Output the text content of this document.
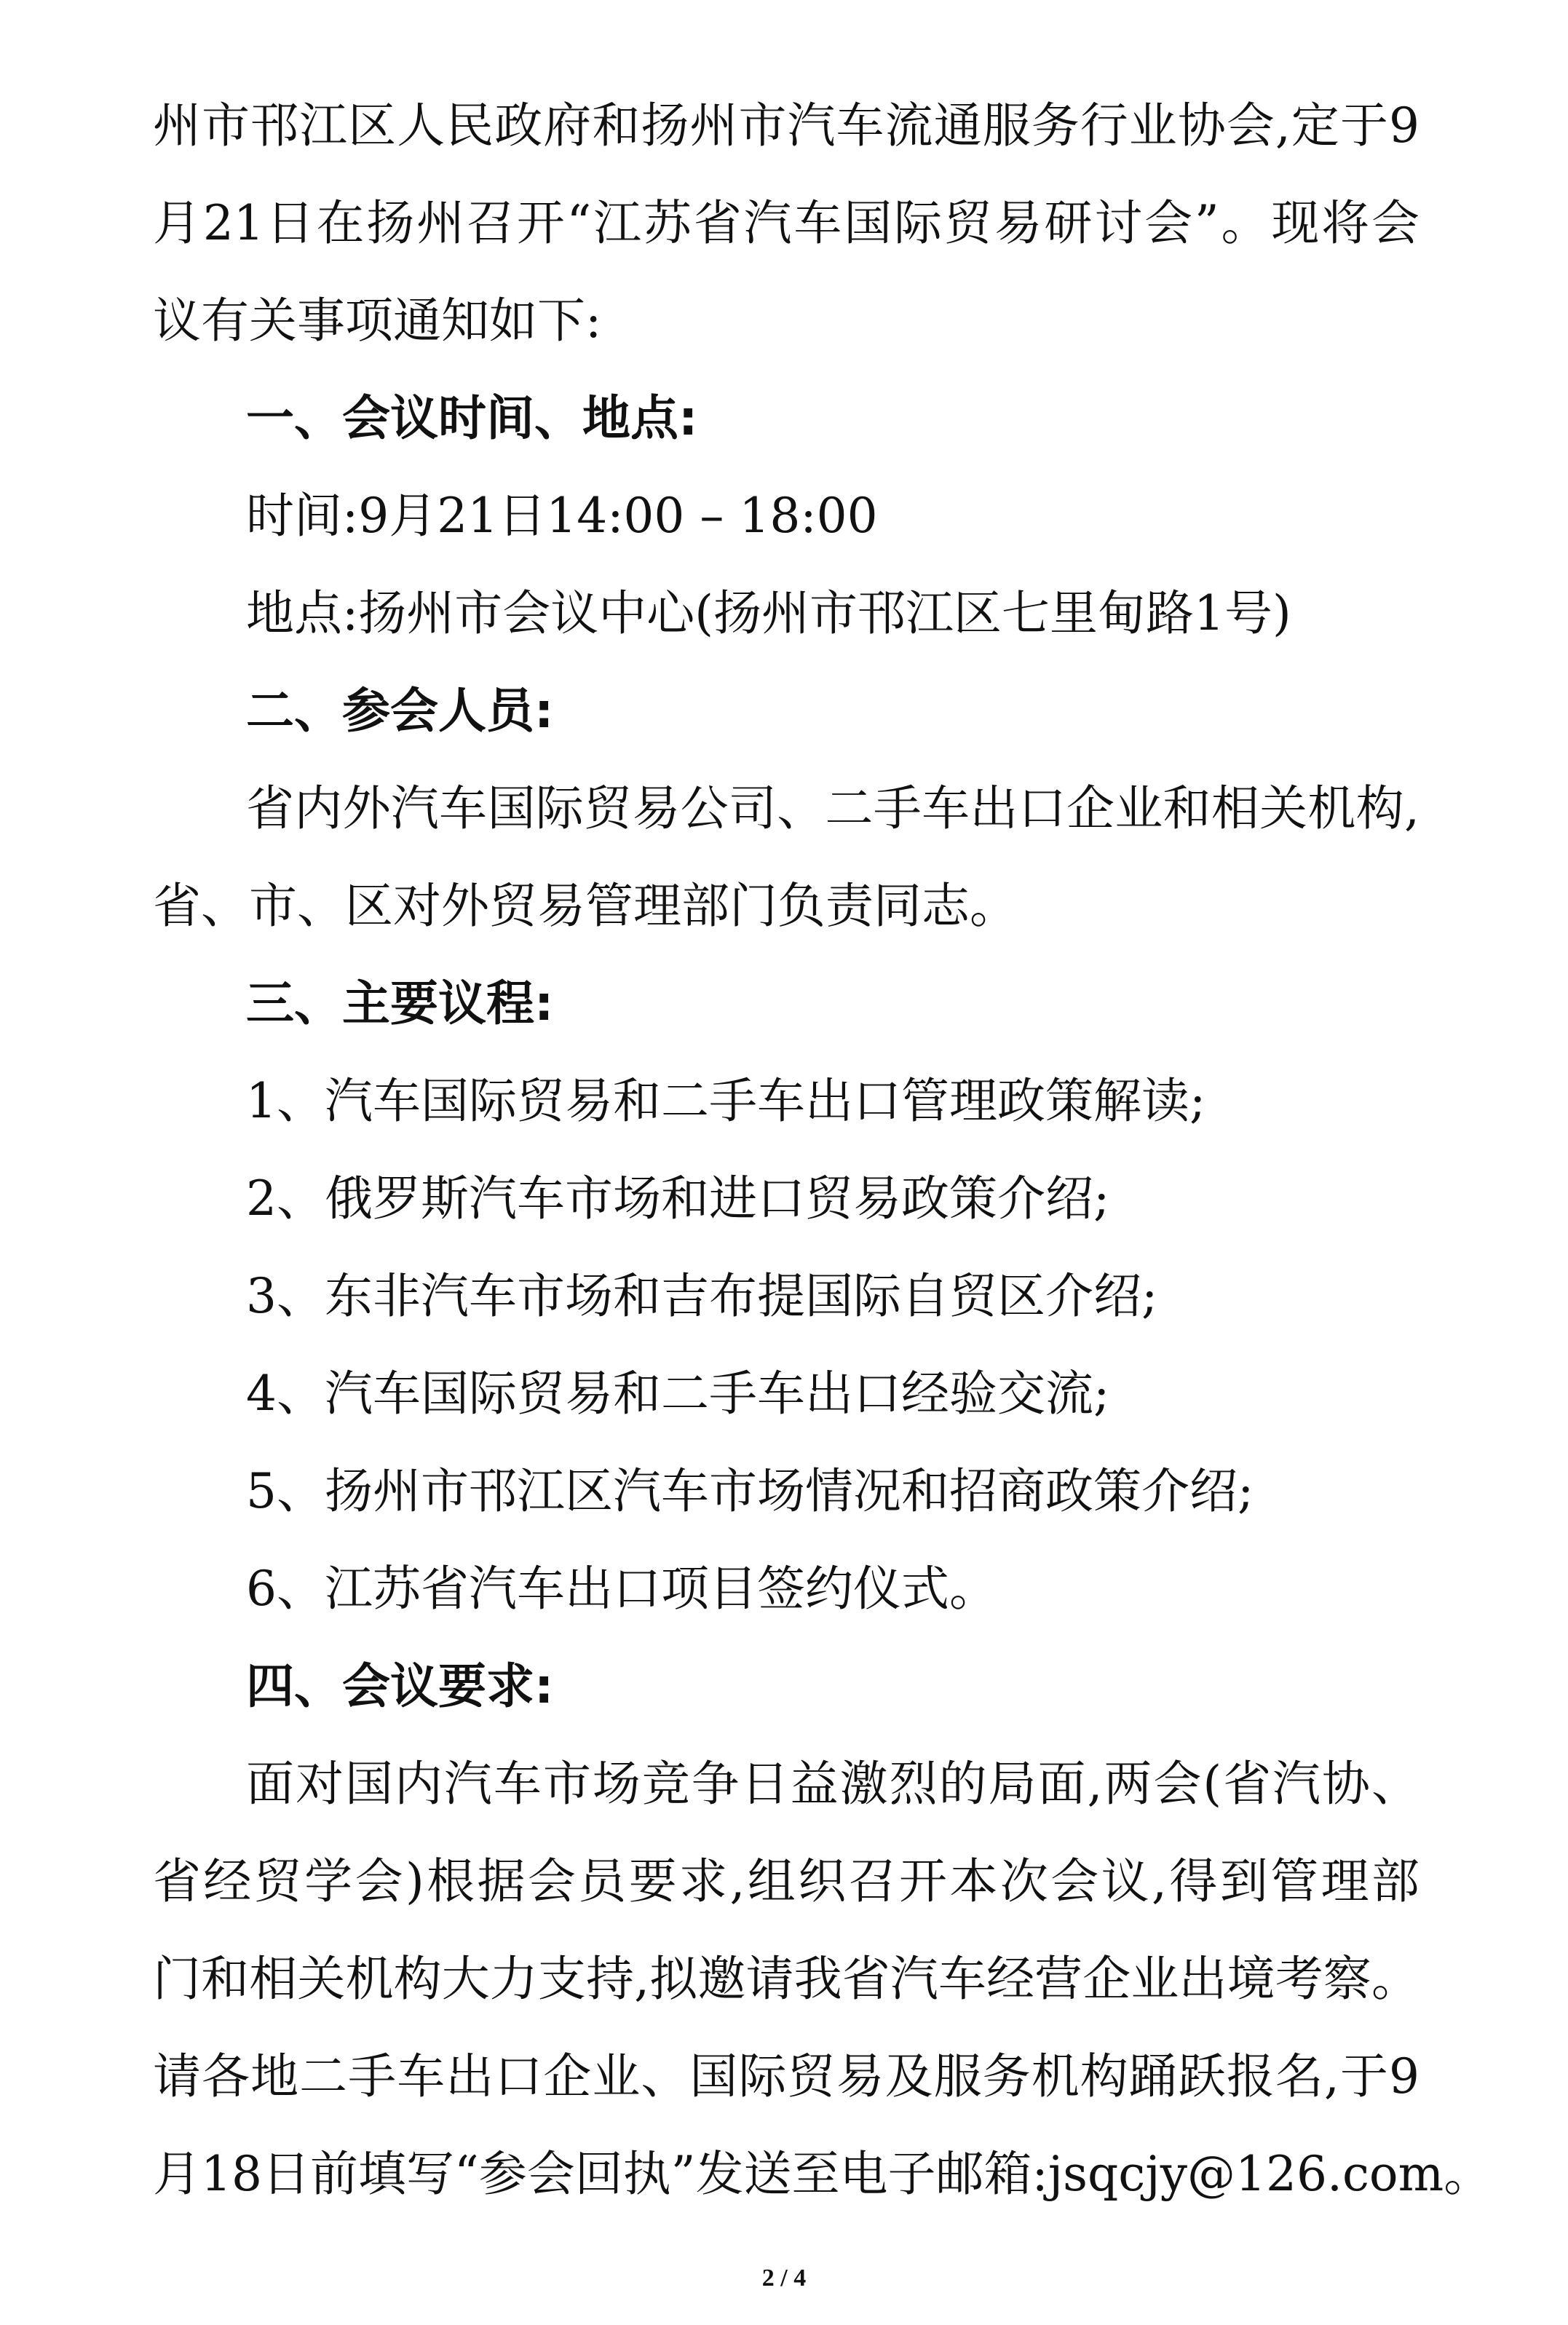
州市邗江区人民政府和扬州市汽车流通服务行业协会,定于9

月21日在扬州召开“江苏省汽车国际贸易研讨会”。现将会

议有关事项通知如下:

一、会议时间、地点:

时间:9月21日14:00 – 18:00

地点:扬州市会议中心(扬州市邗江区七里甸路1号)

二、参会人员:

省内外汽车国际贸易公司、二手车出口企业和相关机构,

省、市、区对外贸易管理部门负责同志。

三、主要议程:

1、汽车国际贸易和二手车出口管理政策解读;

2、俄罗斯汽车市场和进口贸易政策介绍;

3、东非汽车市场和吉布提国际自贸区介绍;

4、汽车国际贸易和二手车出口经验交流;

5、扬州市邗江区汽车市场情况和招商政策介绍;

6、江苏省汽车出口项目签约仪式。

四、会议要求:

面对国内汽车市场竞争日益激烈的局面,两会(省汽协、

省经贸学会)根据会员要求,组织召开本次会议,得到管理部

门和相关机构大力支持,拟邀请我省汽车经营企业出境考察。

请各地二手车出口企业、国际贸易及服务机构踊跃报名,于9

月18日前填写“参会回执”发送至电子邮箱:jsqcjy@126.com。

2 / 4
